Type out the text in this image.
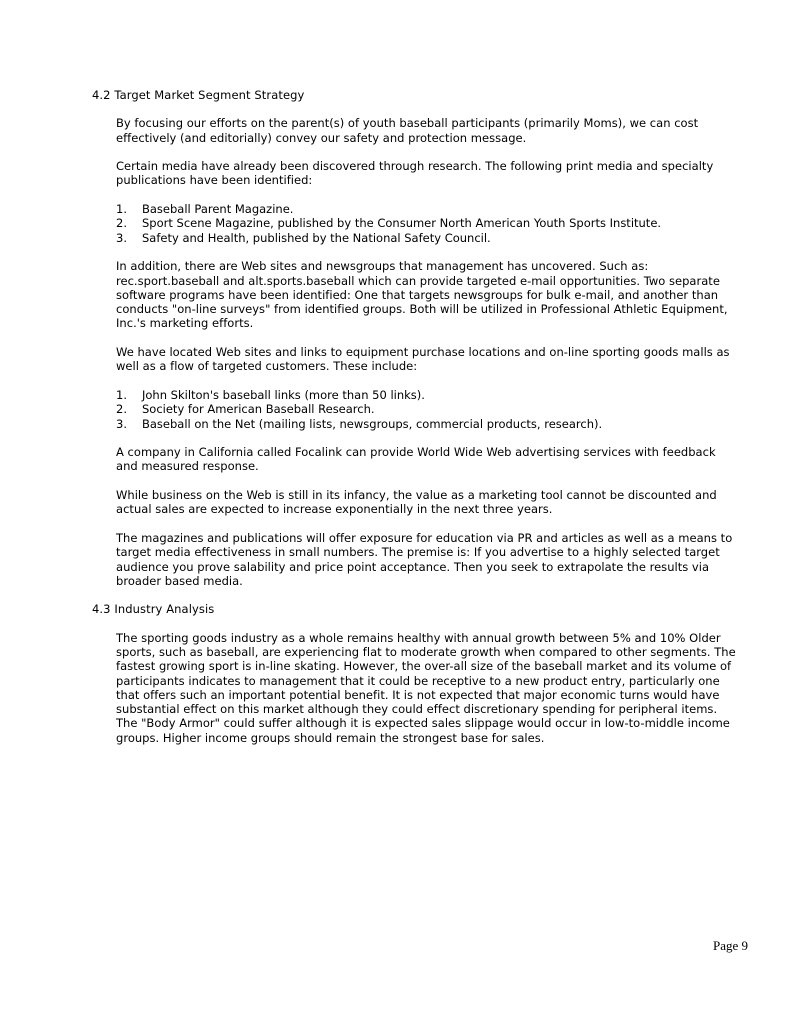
4.2 Target Market Segment Strategy

By focusing our efforts on the parent(s) of youth baseball participants (primarily Moms), we can cost effectively (and editorially) convey our safety and protection message.

Certain media have already been discovered through research. The following print media and specialty publications have been identified:

1. Baseball Parent Magazine.
2. Sport Scene Magazine, published by the Consumer North American Youth Sports Institute.
3. Safety and Health, published by the National Safety Council.

In addition, there are Web sites and newsgroups that management has uncovered. Such as: rec.sport.baseball and alt.sports.baseball which can provide targeted e-mail opportunities. Two separate software programs have been identified: One that targets newsgroups for bulk e-mail, and another than conducts "on-line surveys" from identified groups. Both will be utilized in Professional Athletic Equipment, Inc.'s marketing efforts.

We have located Web sites and links to equipment purchase locations and on-line sporting goods malls as well as a flow of targeted customers. These include:

1. John Skilton's baseball links (more than 50 links).
2. Society for American Baseball Research.
3. Baseball on the Net (mailing lists, newsgroups, commercial products, research).

A company in California called Focalink can provide World Wide Web advertising services with feedback and measured response.

While business on the Web is still in its infancy, the value as a marketing tool cannot be discounted and actual sales are expected to increase exponentially in the next three years.

The magazines and publications will offer exposure for education via PR and articles as well as a means to target media effectiveness in small numbers. The premise is: If you advertise to a highly selected target audience you prove salability and price point acceptance. Then you seek to extrapolate the results via broader based media.

4.3 Industry Analysis

The sporting goods industry as a whole remains healthy with annual growth between 5% and 10% Older sports, such as baseball, are experiencing flat to moderate growth when compared to other segments. The fastest growing sport is in-line skating. However, the over-all size of the baseball market and its volume of participants indicates to management that it could be receptive to a new product entry, particularly one that offers such an important potential benefit. It is not expected that major economic turns would have substantial effect on this market although they could effect discretionary spending for peripheral items. The "Body Armor" could suffer although it is expected sales slippage would occur in low-to-middle income groups. Higher income groups should remain the strongest base for sales.

Page 9
